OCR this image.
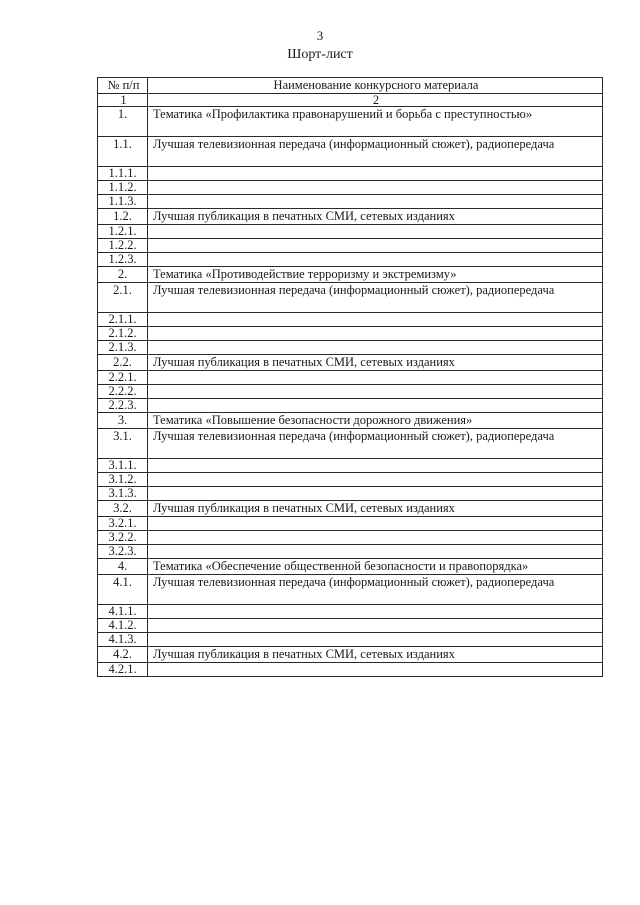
3
Шорт-лист
№ п/п	Наименование конкурсного материала
1	2
1.	Тематика «Профилактика правонарушений и борьба с преступностью»
1.1.	Лучшая телевизионная передача (информационный сюжет), радиопередача
1.1.1.	
1.1.2.	
1.1.3.	
1.2.	Лучшая публикация в печатных СМИ, сетевых изданиях
1.2.1.	
1.2.2.	
1.2.3.	
2.	Тематика «Противодействие терроризму и экстремизму»
2.1.	Лучшая телевизионная передача (информационный сюжет), радиопередача
2.1.1.	
2.1.2.	
2.1.3.	
2.2.	Лучшая публикация в печатных СМИ, сетевых изданиях
2.2.1.	
2.2.2.	
2.2.3.	
3.	Тематика «Повышение безопасности дорожного движения»
3.1.	Лучшая телевизионная передача (информационный сюжет), радиопередача
3.1.1.	
3.1.2.	
3.1.3.	
3.2.	Лучшая публикация в печатных СМИ, сетевых изданиях
3.2.1.	
3.2.2.	
3.2.3.	
4.	Тематика «Обеспечение общественной безопасности и правопорядка»
4.1.	Лучшая телевизионная передача (информационный сюжет), радиопередача
4.1.1.	
4.1.2.	
4.1.3.	
4.2.	Лучшая публикация в печатных СМИ, сетевых изданиях
4.2.1.	
